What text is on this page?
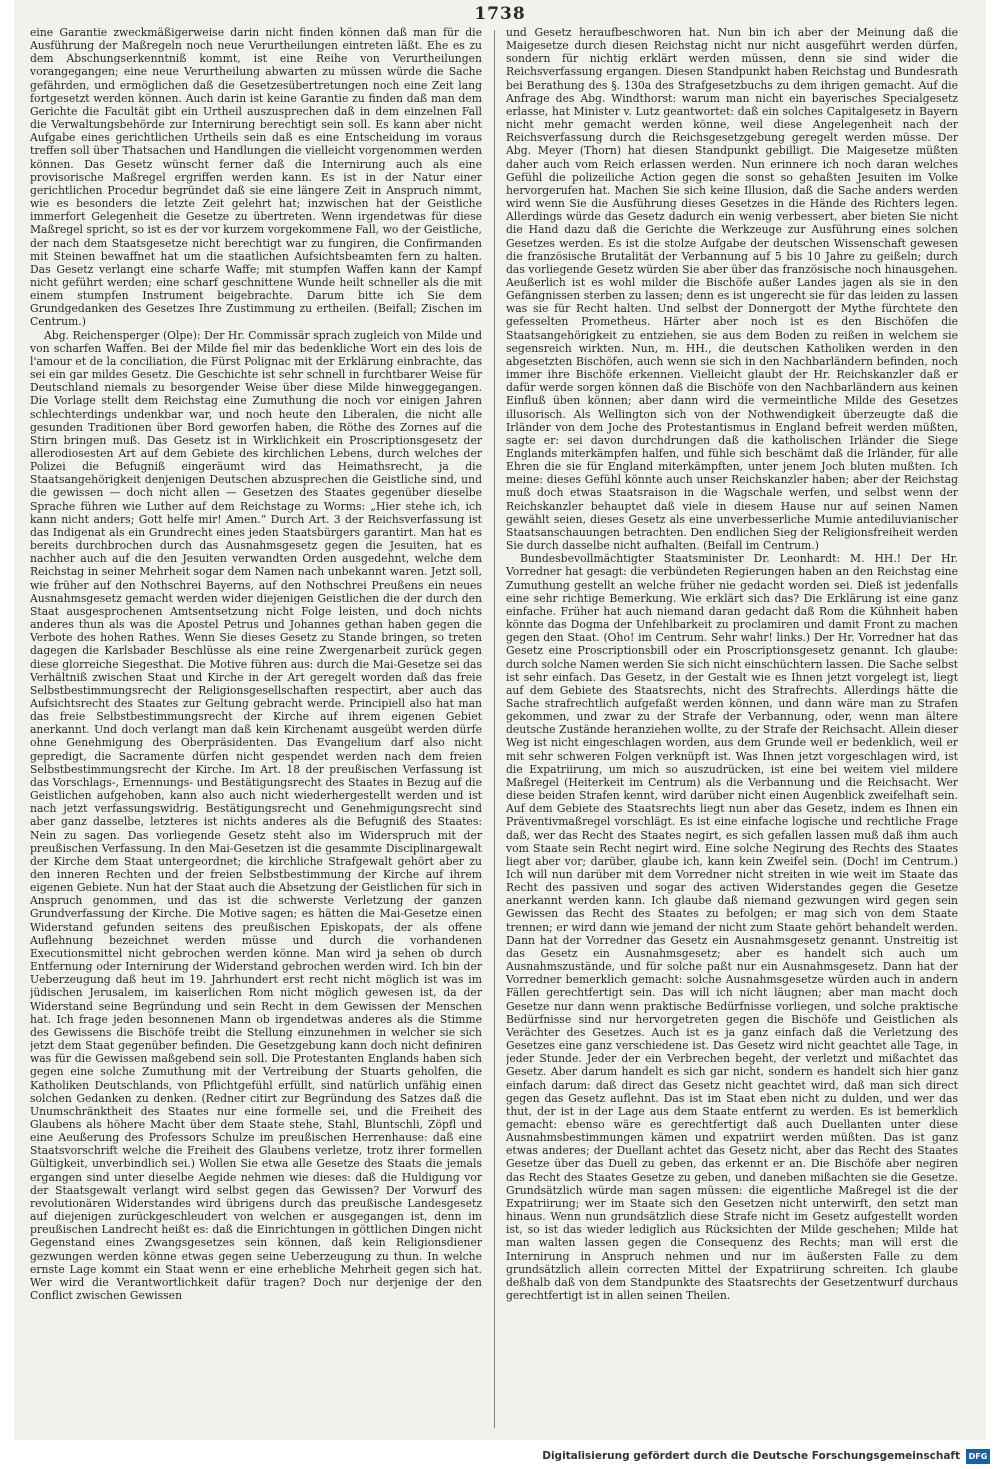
1738

eine Garantie zweckmäßigerweise darin nicht finden können daß man für die Ausführung der Maßregeln noch neue Verurtheilungen eintreten läßt. Ehe es zu dem Abschungserkenntniß kommt, ist eine Reihe von Verurtheilungen vorangegangen; eine neue Verurtheilung abwarten zu müssen würde die Sache gefährden, und ermöglichen daß die Gesetzesübertretungen noch eine Zeit lang fortgesetzt werden können. Auch darin ist keine Garantie zu finden daß man dem Gerichte die Facultät gibt ein Urtheil auszusprechen daß in dem einzelnen Fall die Verwaltungsbehörde zur Internirung berechtigt sein soll. Es kann aber nicht Aufgabe eines gerichtlichen Urtheils sein daß es eine Entscheidung im voraus treffen soll über Thatsachen und Handlungen die vielleicht vorgenommen werden können. Das Gesetz wünscht ferner daß die Internirung auch als eine provisorische Maßregel ergriffen werden kann. Es ist in der Natur einer gerichtlichen Procedur begründet daß sie eine längere Zeit in Anspruch nimmt, wie es besonders die letzte Zeit gelehrt hat; inzwischen hat der Geistliche immerfort Gelegenheit die Gesetze zu übertreten. Wenn irgendetwas für diese Maßregel spricht, so ist es der vor kurzem vorgekommene Fall, wo der Geistliche, der nach dem Staatsgesetze nicht berechtigt war zu fungiren, die Confirmanden mit Steinen bewaffnet hat um die staatlichen Aufsichtsbeamten fern zu halten. Das Gesetz verlangt eine scharfe Waffe; mit stumpfen Waffen kann der Kampf nicht geführt werden; eine scharf geschnittene Wunde heilt schneller als die mit einem stumpfen Instrument beigebrachte. Darum bitte ich Sie dem Grundgedanken des Gesetzes Ihre Zustimmung zu ertheilen. (Beifall; Zischen im Centrum.)

Abg. Reichensperger (Olpe): Der Hr. Commissär sprach zugleich von Milde und von scharfen Waffen. Bei der Milde fiel mir das bedenkliche Wort ein des lois de l'amour et de la conciliation, die Fürst Polignac mit der Erklärung einbrachte, das sei ein gar mildes Gesetz. Die Geschichte ist sehr schnell in furchtbarer Weise für Deutschland niemals zu besorgender Weise über diese Milde hinweggegangen. Die Vorlage stellt dem Reichstag eine Zumuthung die noch vor einigen Jahren schlechterdings undenkbar war, und noch heute den Liberalen, die nicht alle gesunden Traditionen über Bord geworfen haben, die Röthe des Zornes auf die Stirn bringen muß. Das Gesetz ist in Wirklichkeit ein Proscriptionsgesetz der allerodiosesten Art auf dem Gebiete des kirchlichen Lebens, durch welches der Polizei die Befugniß eingeräumt wird das Heimathsrecht, ja die Staatsangehörigkeit denjenigen Deutschen abzusprechen die Geistliche sind, und die gewissen — doch nicht allen — Gesetzen des Staates gegenüber dieselbe Sprache führen wie Luther auf dem Reichstage zu Worms: „Hier stehe ich, ich kann nicht anders; Gott helfe mir! Amen.“ Durch Art. 3 der Reichsverfassung ist das Indigenat als ein Grundrecht eines jeden Staatsbürgers garantirt. Man hat es bereits durchbrochen durch das Ausnahmsgesetz gegen die Jesuiten, hat es nachher auch auf die den Jesuiten verwandten Orden ausgedehnt, welche dem Reichstag in seiner Mehrheit sogar dem Namen nach unbekannt waren. Jetzt soll, wie früher auf den Nothschrei Bayerns, auf den Nothschrei Preußens ein neues Ausnahmsgesetz gemacht werden wider diejenigen Geistlichen die der durch den Staat ausgesprochenen Amtsentsetzung nicht Folge leisten, und doch nichts anderes thun als was die Apostel Petrus und Johannes gethan haben gegen die Verbote des hohen Rathes. Wenn Sie dieses Gesetz zu Stande bringen, so treten dagegen die Karlsbader Beschlüsse als eine reine Zwergenarbeit zurück gegen diese glorreiche Siegesthat. Die Motive führen aus: durch die Mai-Gesetze sei das Verhältniß zwischen Staat und Kirche in der Art geregelt worden daß das freie Selbstbestimmungsrecht der Religionsgesellschaften respectirt, aber auch das Aufsichtsrecht des Staates zur Geltung gebracht werde. Principiell also hat man das freie Selbstbestimmungsrecht der Kirche auf ihrem eigenen Gebiet anerkannt. Und doch verlangt man daß kein Kirchenamt ausgeübt werden dürfe ohne Genehmigung des Oberpräsidenten. Das Evangelium darf also nicht gepredigt, die Sacramente dürfen nicht gespendet werden nach dem freien Selbstbestimmungsrecht der Kirche. Im Art. 18 der preußischen Verfassung ist das Vorschlags-, Ernennungs- und Bestätigungsrecht des Staates in Bezug auf die Geistlichen aufgehoben, kann also auch nicht wiederhergestellt werden und ist nach jetzt verfassungswidrig. Bestätigungsrecht und Genehmigungsrecht sind aber ganz dasselbe, letzteres ist nichts anderes als die Befugniß des Staates: Nein zu sagen. Das vorliegende Gesetz steht also im Widerspruch mit der preußischen Verfassung. In den Mai-Gesetzen ist die gesammte Disciplinargewalt der Kirche dem Staat untergeordnet; die kirchliche Strafgewalt gehört aber zu den inneren Rechten und der freien Selbstbestimmung der Kirche auf ihrem eigenen Gebiete. Nun hat der Staat auch die Absetzung der Geistlichen für sich in Anspruch genommen, und das ist die schwerste Verletzung der ganzen Grundverfassung der Kirche. Die Motive sagen; es hätten die Mai-Gesetze einen Widerstand gefunden seitens des preußischen Episkopats, der als offene Auflehnung bezeichnet werden müsse und durch die vorhandenen Executionsmittel nicht gebrochen werden könne. Man wird ja sehen ob durch Entfernung oder Internirung der Widerstand gebrochen werden wird. Ich bin der Ueberzeugung daß heut im 19. Jahrhundert erst recht nicht möglich ist was im jüdischen Jerusalem, im kaiserlichen Rom nicht möglich gewesen ist, da der Widerstand seine Begründung und sein Recht in dem Gewissen der Menschen hat. Ich frage jeden besonnenen Mann ob irgendetwas anderes als die Stimme des Gewissens die Bischöfe treibt die Stellung einzunehmen in welcher sie sich jetzt dem Staat gegenüber befinden. Die Gesetzgebung kann doch nicht definiren was für die Gewissen maßgebend sein soll. Die Protestanten Englands haben sich gegen eine solche Zumuthung mit der Vertreibung der Stuarts geholfen, die Katholiken Deutschlands, von Pflichtgefühl erfüllt, sind natürlich unfähig einen solchen Gedanken zu denken. (Redner citirt zur Begründung des Satzes daß die Unumschränktheit des Staates nur eine formelle sei, und die Freiheit des Glaubens als höhere Macht über dem Staate stehe, Stahl, Bluntschli, Zöpfl und eine Aeußerung des Professors Schulze im preußischen Herrenhause: daß eine Staatsvorschrift welche die Freiheit des Glaubens verletze, trotz ihrer formellen Gültigkeit, unverbindlich sei.) Wollen Sie etwa alle Gesetze des Staats die jemals ergangen sind unter dieselbe Aegide nehmen wie dieses: daß die Huldigung vor der Staatsgewalt verlangt wird selbst gegen das Gewissen? Der Vorwurf des revolutionären Widerstandes wird übrigens durch das preußische Landesgesetz auf diejenigen zurückgeschleudert von welchen er ausgegangen ist, denn im preußischen Landrecht heißt es: daß die Einrichtungen in göttlichen Dingen nicht Gegenstand eines Zwangsgesetzes sein können, daß kein Religionsdiener gezwungen werden könne etwas gegen seine Ueberzeugung zu thun. In welche ernste Lage kommt ein Staat wenn er eine erhebliche Mehrheit gegen sich hat. Wer wird die Verantwortlichkeit dafür tragen? Doch nur derjenige der den Conflict zwischen Gewissen

und Gesetz heraufbeschworen hat. Nun bin ich aber der Meinung daß die Maigesetze durch diesen Reichstag nicht nur nicht ausgeführt werden dürfen, sondern für nichtig erklärt werden müssen, denn sie sind wider die Reichsverfassung ergangen. Diesen Standpunkt haben Reichstag und Bundesrath bei Berathung des §. 130a des Strafgesetzbuchs zu dem ihrigen gemacht. Auf die Anfrage des Abg. Windthorst: warum man nicht ein bayerisches Specialgesetz erlasse, hat Minister v. Lutz geantwortet: daß ein solches Capitalgesetz in Bayern nicht mehr gemacht werden könne, weil diese Angelegenheit nach der Reichsverfassung durch die Reichsgesetzgebung geregelt werden müsse. Der Abg. Meyer (Thorn) hat diesen Standpunkt gebilligt. Die Maigesetze müßten daher auch vom Reich erlassen werden. Nun erinnere ich noch daran welches Gefühl die polizeiliche Action gegen die sonst so gehaßten Jesuiten im Volke hervorgerufen hat. Machen Sie sich keine Illusion, daß die Sache anders werden wird wenn Sie die Ausführung dieses Gesetzes in die Hände des Richters legen. Allerdings würde das Gesetz dadurch ein wenig verbessert, aber bieten Sie nicht die Hand dazu daß die Gerichte die Werkzeuge zur Ausführung eines solchen Gesetzes werden. Es ist die stolze Aufgabe der deutschen Wissenschaft gewesen die französische Brutalität der Verbannung auf 5 bis 10 Jahre zu geißeln; durch das vorliegende Gesetz würden Sie aber über das französische noch hinausgehen. Aeußerlich ist es wohl milder die Bischöfe außer Landes jagen als sie in den Gefängnissen sterben zu lassen; denn es ist ungerecht sie für das leiden zu lassen was sie für Recht halten. Und selbst der Donnergott der Mythe fürchtete den gefesselten Prometheus. Härter aber noch ist es den Bischöfen die Staatsangehörigkeit zu entziehen, sie aus dem Boden zu reißen in welchem sie segensreich wirkten. Nun, m. HH., die deutschen Katholiken werden in den abgesetzten Bischöfen, auch wenn sie sich in den Nachbarländern befinden, noch immer ihre Bischöfe erkennen. Vielleicht glaubt der Hr. Reichskanzler daß er dafür werde sorgen können daß die Bischöfe von den Nachbarländern aus keinen Einfluß üben können; aber dann wird die vermeintliche Milde des Gesetzes illusorisch. Als Wellington sich von der Nothwendigkeit überzeugte daß die Irländer von dem Joche des Protestantismus in England befreit werden müßten, sagte er: sei davon durchdrungen daß die katholischen Irländer die Siege Englands miterkämpfen halfen, und fühle sich beschämt daß die Irländer, für alle Ehren die sie für England miterkämpften, unter jenem Joch bluten mußten. Ich meine: dieses Gefühl könnte auch unser Reichskanzler haben; aber der Reichstag muß doch etwas Staatsraison in die Wagschale werfen, und selbst wenn der Reichskanzler behauptet daß viele in diesem Hause nur auf seinen Namen gewählt seien, dieses Gesetz als eine unverbesserliche Mumie antediluvianischer Staatsanschauungen betrachten. Den endlichen Sieg der Religionsfreiheit werden Sie durch dasselbe nicht aufhalten. (Beifall im Centrum.)

Bundesbevollmächtigter Staatsminister Dr. Leonhardt: M. HH.! Der Hr. Vorredner hat gesagt: die verbündeten Regierungen haben an den Reichstag eine Zumuthung gestellt an welche früher nie gedacht worden sei. Dieß ist jedenfalls eine sehr richtige Bemerkung. Wie erklärt sich das? Die Erklärung ist eine ganz einfache. Früher hat auch niemand daran gedacht daß Rom die Kühnheit haben könnte das Dogma der Unfehlbarkeit zu proclamiren und damit Front zu machen gegen den Staat. (Oho! im Centrum. Sehr wahr! links.) Der Hr. Vorredner hat das Gesetz eine Proscriptionsbill oder ein Proscriptionsgesetz genannt. Ich glaube: durch solche Namen werden Sie sich nicht einschüchtern lassen. Die Sache selbst ist sehr einfach. Das Gesetz, in der Gestalt wie es Ihnen jetzt vorgelegt ist, liegt auf dem Gebiete des Staatsrechts, nicht des Strafrechts. Allerdings hätte die Sache strafrechtlich aufgefaßt werden können, und dann wäre man zu Strafen gekommen, und zwar zu der Strafe der Verbannung, oder, wenn man ältere deutsche Zustände heranziehen wollte, zu der Strafe der Reichsacht. Allein dieser Weg ist nicht eingeschlagen worden, aus dem Grunde weil er bedenklich, weil er mit sehr schweren Folgen verknüpft ist. Was Ihnen jetzt vorgeschlagen wird, ist die Expatriirung, um mich so auszudrücken, ist eine bei weitem viel mildere Maßregel (Heiterkeit im Centrum) als die Verbannung und die Reichsacht. Wer diese beiden Strafen kennt, wird darüber nicht einen Augenblick zweifelhaft sein. Auf dem Gebiete des Staatsrechts liegt nun aber das Gesetz, indem es Ihnen ein Präventivmaßregel vorschlägt. Es ist eine einfache logische und rechtliche Frage daß, wer das Recht des Staates negirt, es sich gefallen lassen muß daß ihm auch vom Staate sein Recht negirt wird. Eine solche Negirung des Rechts des Staates liegt aber vor; darüber, glaube ich, kann kein Zweifel sein. (Doch! im Centrum.) Ich will nun darüber mit dem Vorredner nicht streiten in wie weit im Staate das Recht des passiven und sogar des activen Widerstandes gegen die Gesetze anerkannt werden kann. Ich glaube daß niemand gezwungen wird gegen sein Gewissen das Recht des Staates zu befolgen; er mag sich von dem Staate trennen; er wird dann wie jemand der nicht zum Staate gehört behandelt werden. Dann hat der Vorredner das Gesetz ein Ausnahmsgesetz genannt. Unstreitig ist das Gesetz ein Ausnahmsgesetz; aber es handelt sich auch um Ausnahmszustände, und für solche paßt nur ein Ausnahmsgesetz. Dann hat der Vorredner bemerklich gemacht: solche Ausnahmsgesetze würden auch in andern Fällen gerechtfertigt sein. Das will ich nicht läugnen; aber man macht doch Gesetze nur dann wenn praktische Bedürfnisse vorliegen, und solche praktische Bedürfnisse sind nur hervorgetreten gegen die Bischöfe und Geistlichen als Verächter des Gesetzes. Auch ist es ja ganz einfach daß die Verletzung des Gesetzes eine ganz verschiedene ist. Das Gesetz wird nicht geachtet alle Tage, in jeder Stunde. Jeder der ein Verbrechen begeht, der verletzt und mißachtet das Gesetz. Aber darum handelt es sich gar nicht, sondern es handelt sich hier ganz einfach darum: daß direct das Gesetz nicht geachtet wird, daß man sich direct gegen das Gesetz auflehnt. Das ist im Staat eben nicht zu dulden, und wer das thut, der ist in der Lage aus dem Staate entfernt zu werden. Es ist bemerklich gemacht: ebenso wäre es gerechtfertigt daß auch Duellanten unter diese Ausnahmsbestimmungen kämen und expatriirt werden müßten. Das ist ganz etwas anderes; der Duellant achtet das Gesetz nicht, aber das Recht des Staates Gesetze über das Duell zu geben, das erkennt er an. Die Bischöfe aber negiren das Recht des Staates Gesetze zu geben, und daneben mißachten sie die Gesetze. Grundsätzlich würde man sagen müssen: die eigentliche Maßregel ist die der Expatriirung; wer im Staate sich den Gesetzen nicht unterwirft, den setzt man hinaus. Wenn nun grundsätzlich diese Strafe nicht im Gesetz aufgestellt worden ist, so ist das wieder lediglich aus Rücksichten der Milde geschehen; Milde hat man walten lassen gegen die Consequenz des Rechts; man will erst die Internirung in Anspruch nehmen und nur im äußersten Falle zu dem grundsätzlich allein correcten Mittel der Expatriirung schreiten. Ich glaube deßhalb daß von dem Standpunkte des Staatsrechts der Gesetzentwurf durchaus gerechtfertigt ist in allen seinen Theilen.

Digitalisierung gefördert durch die Deutsche Forschungsgemeinschaft	DFG
